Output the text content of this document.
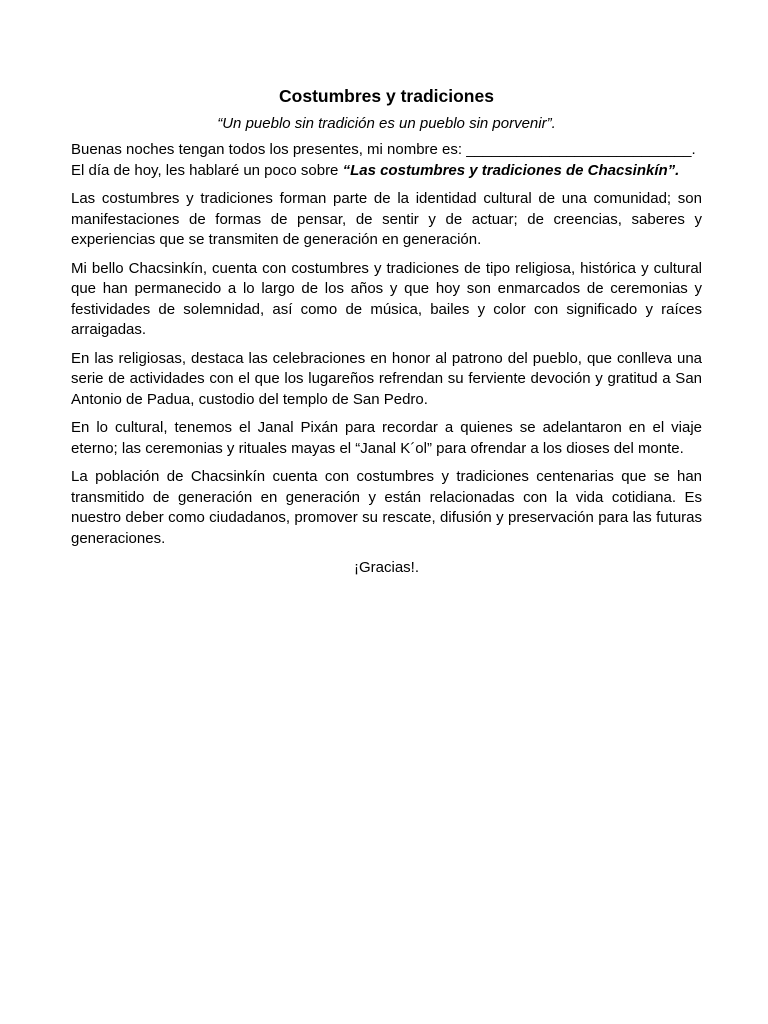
Costumbres y tradiciones
“Un pueblo sin tradición es un pueblo sin porvenir”.

Buenas noches tengan todos los presentes, mi nombre es: ___________________________.
El día de hoy, les hablaré un poco sobre “Las costumbres y tradiciones de Chacsinkín”.

Las costumbres y tradiciones forman parte de la identidad cultural de una comunidad; son manifestaciones de formas de pensar, de sentir y de actuar; de creencias, saberes y experiencias que se transmiten de generación en generación.

Mi bello Chacsinkín, cuenta con costumbres y tradiciones de tipo religiosa, histórica y cultural que han permanecido a lo largo de los años y que hoy son enmarcados de ceremonias y festividades de solemnidad, así como de música, bailes y color con significado y raíces arraigadas.

En las religiosas, destaca las celebraciones en honor al patrono del pueblo, que conlleva una serie de actividades con el que los lugareños refrendan su ferviente devoción y gratitud a San Antonio de Padua, custodio del templo de San Pedro.

En lo cultural, tenemos el Janal Pixán para recordar a quienes se adelantaron en el viaje eterno; las ceremonias y rituales mayas el “Janal K´ol” para ofrendar a los dioses del monte.

La población de Chacsinkín cuenta con costumbres y tradiciones centenarias que se han transmitido de generación en generación y están relacionadas con la vida cotidiana. Es nuestro deber como ciudadanos, promover su rescate, difusión y preservación para las futuras generaciones.

¡Gracias!.
